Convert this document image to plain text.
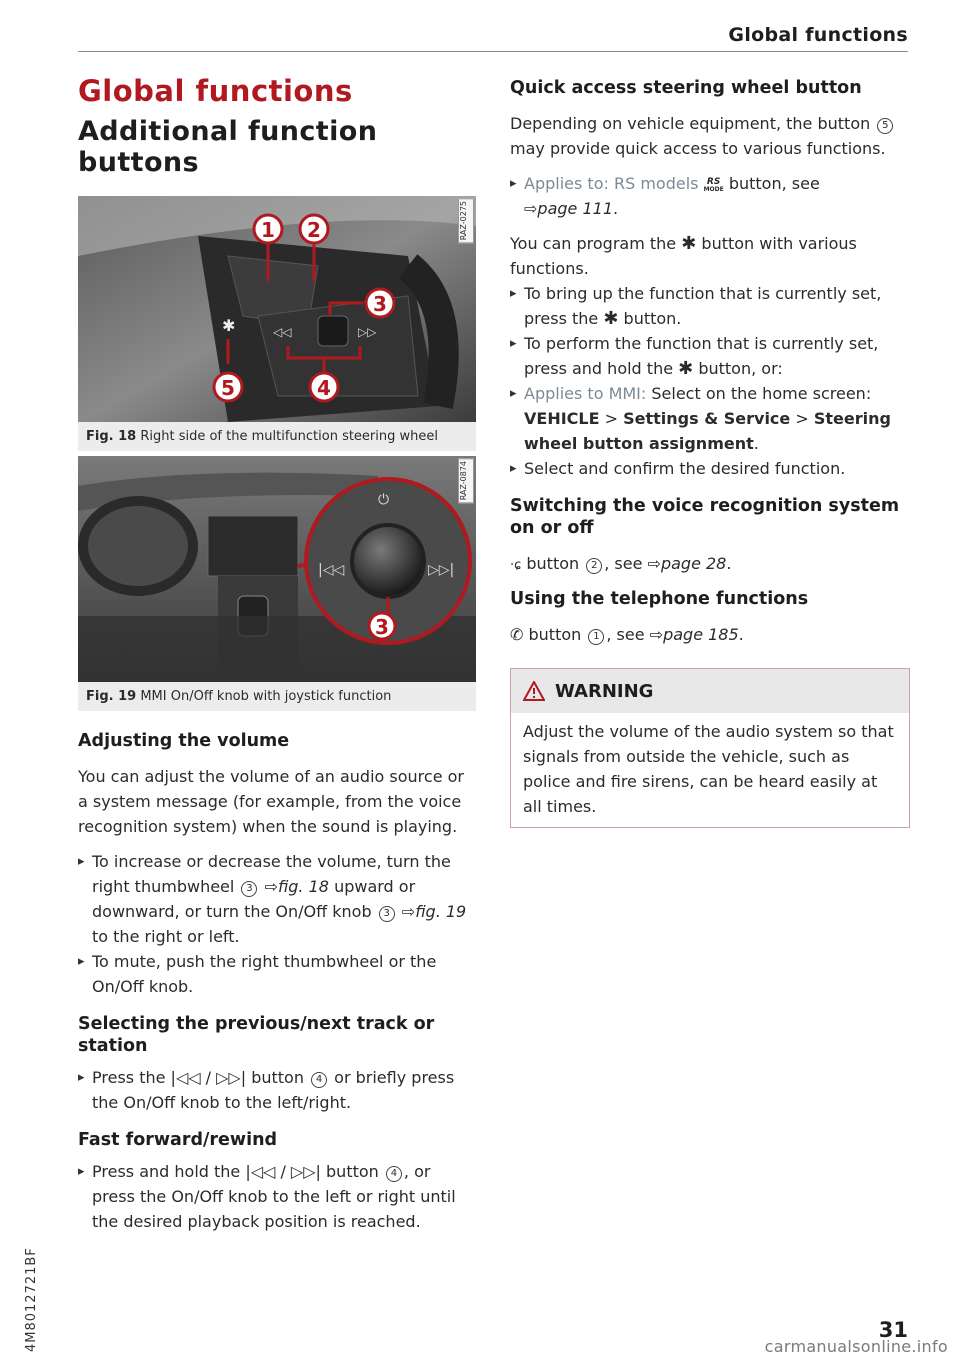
Global functions
Global functions
Additional function buttons
◁◁	▷▷
✱
1 2
3
4
5
RAZ-0275
Fig. 18 Right side of the multifunction steering wheel
|◁◁	▷▷|
⏻
3
RAZ-0874
Fig. 19 MMI On/Off knob with joystick function
Adjusting the volume

You can adjust the volume of an audio source or a system message (for example, from the voice recognition system) when the sound is playing.

▸ To increase or decrease the volume, turn the right thumbwheel 3 ⇨fig. 18 upward or downward, or turn the On/Off knob 3 ⇨fig. 19 to the right or left.
▸ To mute, push the right thumbwheel or the On/Off knob.
Selecting the previous/next track or station
▸ Press the |◁◁ / ▷▷| button 4 or briefly press the On/Off knob to the left/right.
Fast forward/rewind
▸ Press and hold the |◁◁ / ▷▷| button 4 , or press the On/Off knob to the left or right until the desired playback position is reached.
Quick access steering wheel button

Depending on vehicle equipment, the button 5 may provide quick access to various functions.

▸ Applies to: RS models RS
MODE button, see
⇨page 111.

You can program the ✱ button with various functions.

▸ To bring up the function that is currently set, press the ✱ button.
▸ To perform the function that is currently set, press and hold the ✱ button, or:
▸ Applies to MMI: Select on the home screen: VEHICLE > Settings & Service > Steering wheel button assignment.
▸ Select and confirm the desired function.
Switching the voice recognition system on or off

·ɕ button 2 , see ⇨page 28.

Using the telephone functions

✆ button 1 , see ⇨page 185.

WARNING
Adjust the volume of the audio system so that signals from outside the vehicle, such as police and fire sirens, can be heard easily at all times.
4M8012721BF	31
carmanualsonline.info
